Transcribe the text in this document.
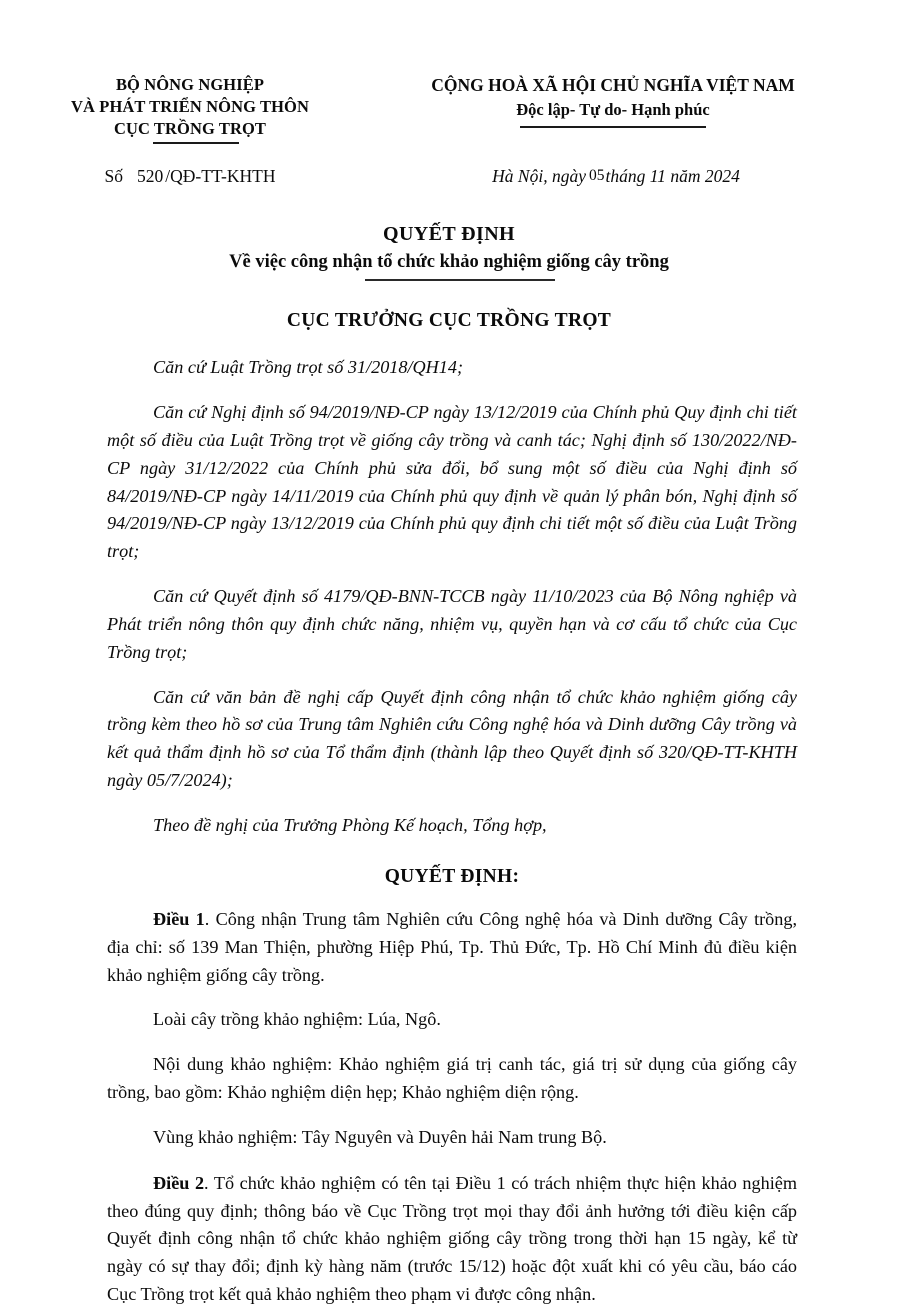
BỘ NÔNG NGHIỆP
VÀ PHÁT TRIỂN NÔNG THÔN
CỤC TRỒNG TRỌT
CỘNG HOÀ XÃ HỘI CHỦ NGHĨA VIỆT NAM
Độc lập- Tự do- Hạnh phúc
Số 520 /QĐ-TT-KHTH	Hà Nội, ngày 05tháng 11 năm 2024
QUYẾT ĐỊNH
Về việc công nhận tổ chức khảo nghiệm giống cây trồng
CỤC TRƯỞNG CỤC TRỒNG TRỌT

Căn cứ Luật Trồng trọt số 31/2018/QH14;

Căn cứ Nghị định số 94/2019/NĐ-CP ngày 13/12/2019 của Chính phủ Quy định chi tiết một số điều của Luật Trồng trọt về giống cây trồng và canh tác; Nghị định số 130/2022/NĐ-CP ngày 31/12/2022 của Chính phủ sửa đổi, bổ sung một số điều của Nghị định số 84/2019/NĐ-CP ngày 14/11/2019 của Chính phủ quy định về quản lý phân bón, Nghị định số 94/2019/NĐ-CP ngày 13/12/2019 của Chính phủ quy định chi tiết một số điều của Luật Trồng trọt;

Căn cứ Quyết định số 4179/QĐ-BNN-TCCB ngày 11/10/2023 của Bộ Nông nghiệp và Phát triển nông thôn quy định chức năng, nhiệm vụ, quyền hạn và cơ cấu tổ chức của Cục Trồng trọt;

Căn cứ văn bản đề nghị cấp Quyết định công nhận tổ chức khảo nghiệm giống cây trồng kèm theo hồ sơ của Trung tâm Nghiên cứu Công nghệ hóa và Dinh dưỡng Cây trồng và kết quả thẩm định hồ sơ của Tổ thẩm định (thành lập theo Quyết định số 320/QĐ-TT-KHTH ngày 05/7/2024);

Theo đề nghị của Trưởng Phòng Kế hoạch, Tổng hợp,

QUYẾT ĐỊNH:

Điều 1. Công nhận Trung tâm Nghiên cứu Công nghệ hóa và Dinh dưỡng Cây trồng, địa chỉ: số 139 Man Thiện, phường Hiệp Phú, Tp. Thủ Đức, Tp. Hồ Chí Minh đủ điều kiện khảo nghiệm giống cây trồng.

Loài cây trồng khảo nghiệm: Lúa, Ngô.

Nội dung khảo nghiệm: Khảo nghiệm giá trị canh tác, giá trị sử dụng của giống cây trồng, bao gồm: Khảo nghiệm diện hẹp; Khảo nghiệm diện rộng.

Vùng khảo nghiệm: Tây Nguyên và Duyên hải Nam trung Bộ.

Điều 2. Tổ chức khảo nghiệm có tên tại Điều 1 có trách nhiệm thực hiện khảo nghiệm theo đúng quy định; thông báo về Cục Trồng trọt mọi thay đổi ảnh hưởng tới điều kiện cấp Quyết định công nhận tổ chức khảo nghiệm giống cây trồng trong thời hạn 15 ngày, kể từ ngày có sự thay đổi; định kỳ hàng năm (trước 15/12) hoặc đột xuất khi có yêu cầu, báo cáo Cục Trồng trọt kết quả khảo nghiệm theo phạm vi được công nhận.
